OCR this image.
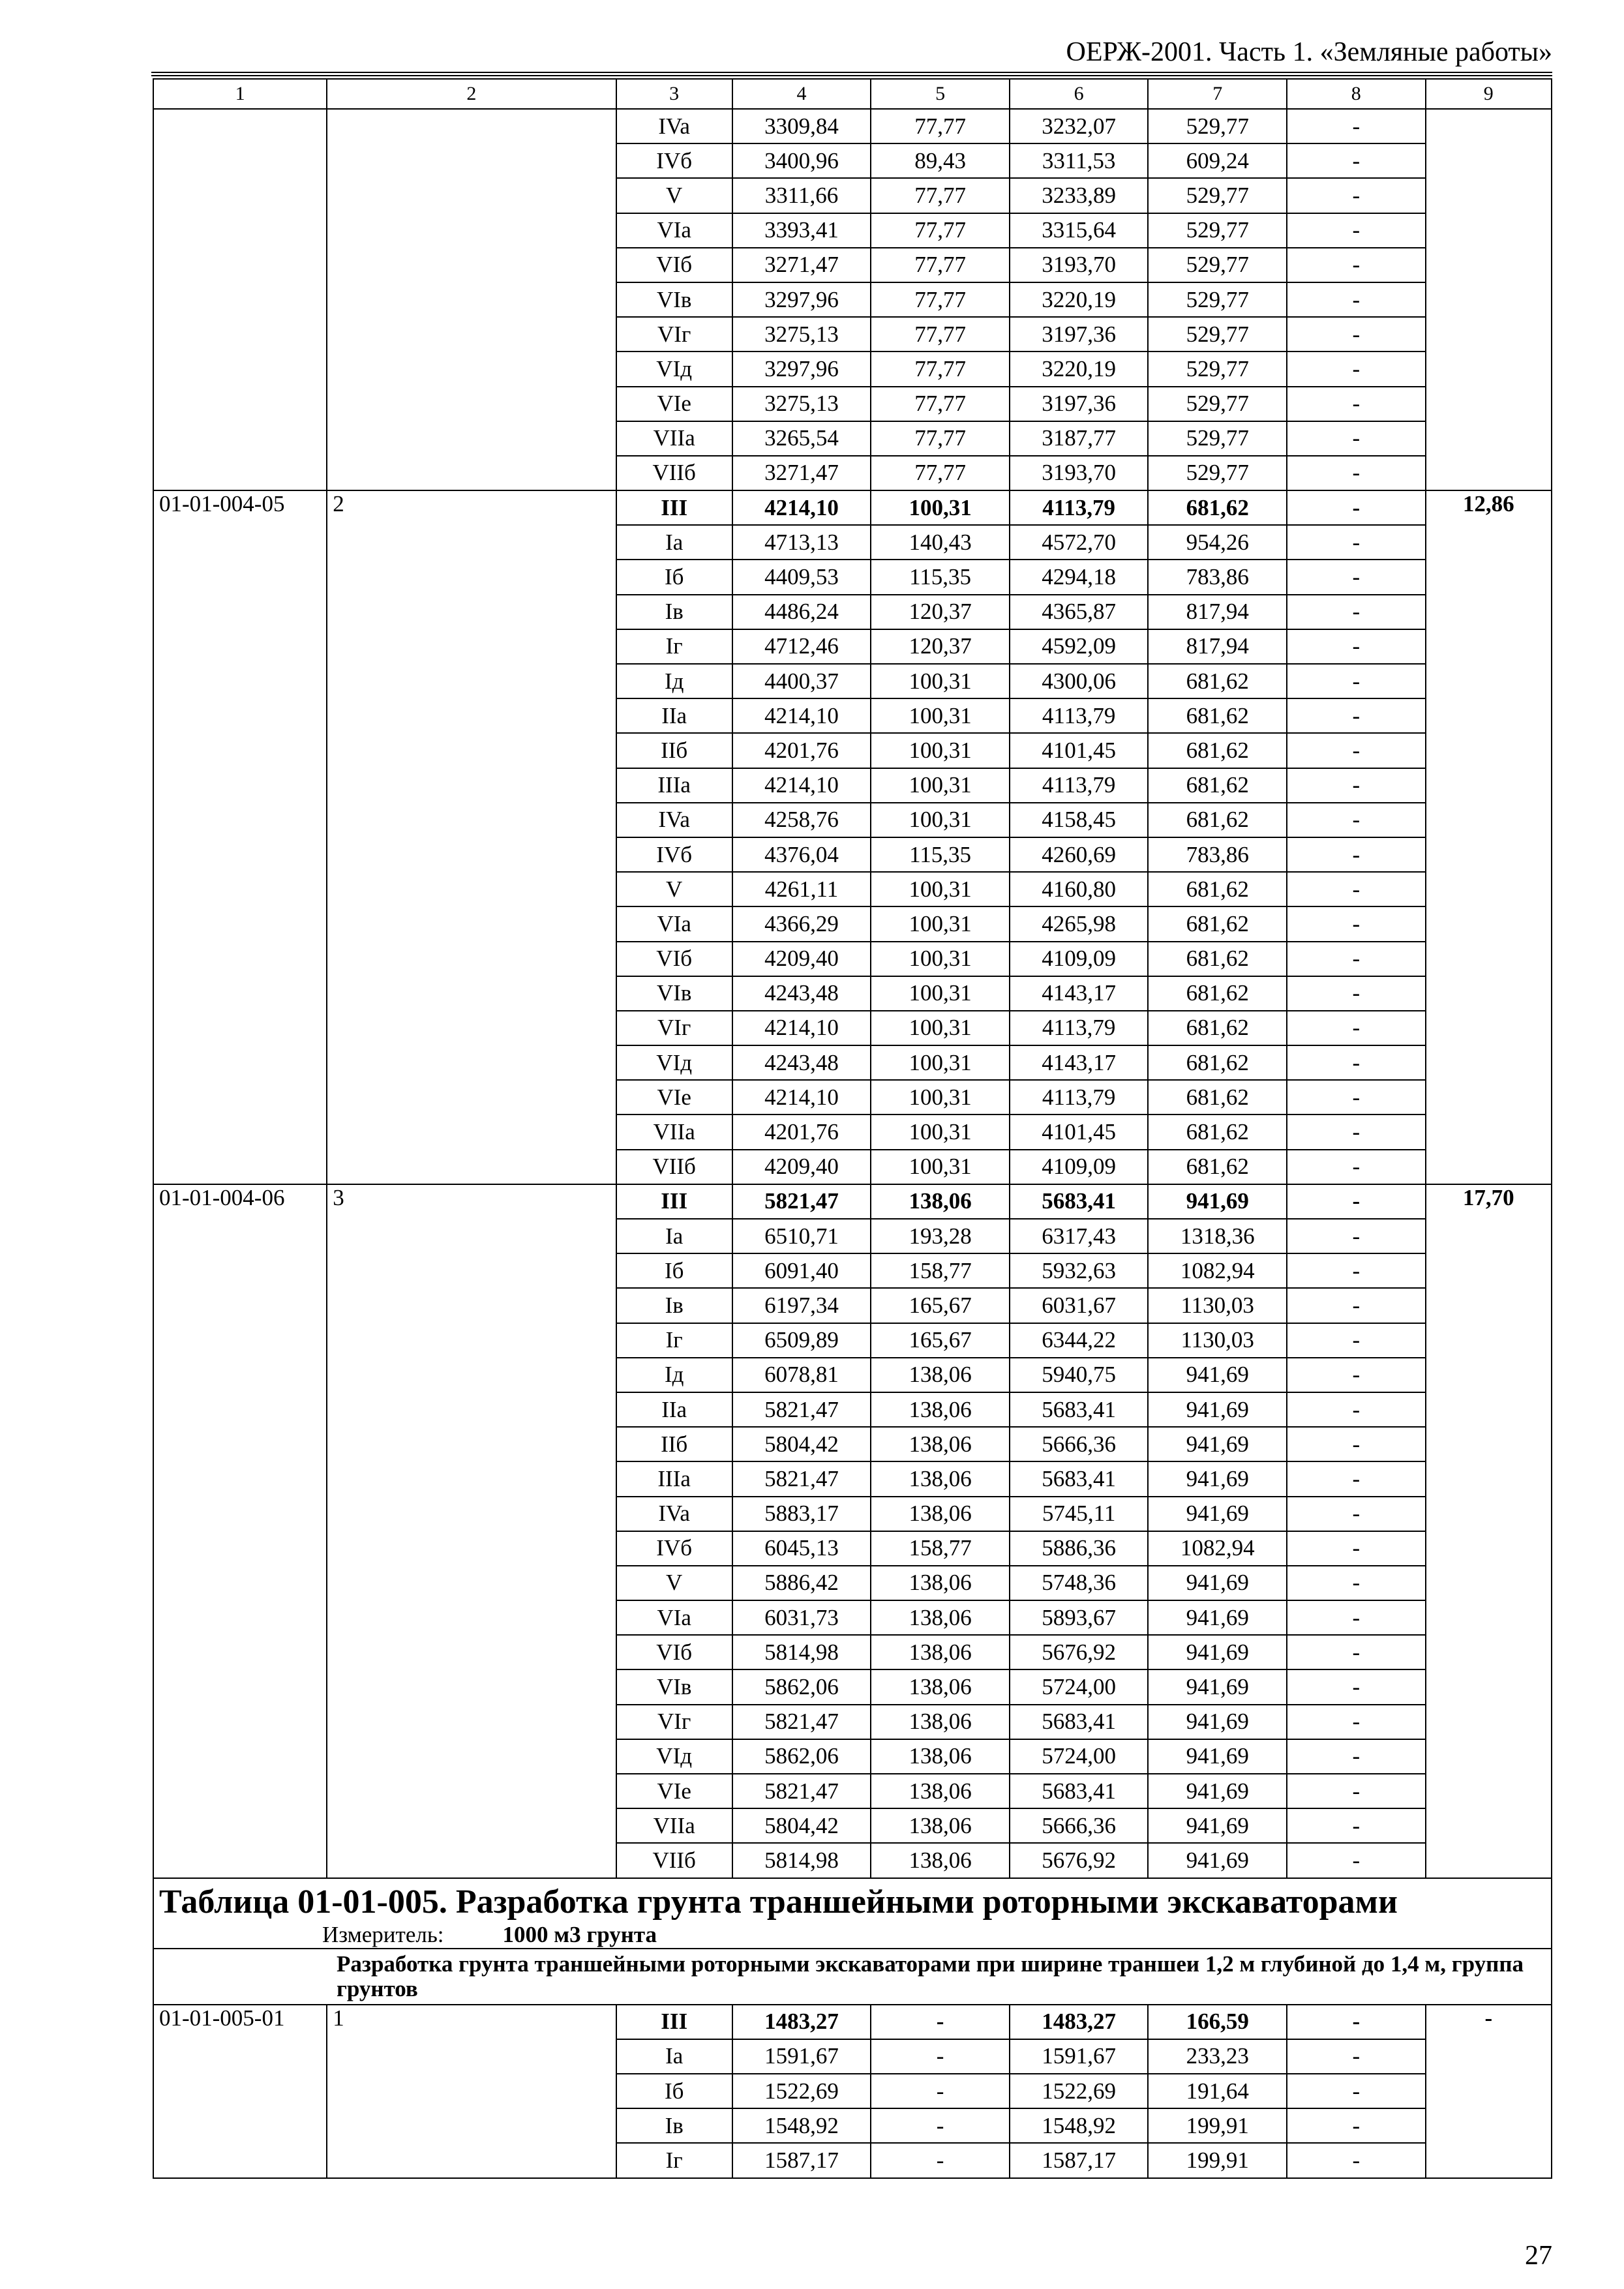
ОЕРЖ-2001. Часть 1. «Земляные работы»
1	2	3	4	5	6	7	8	9
		IVa	3309,84	77,77	3232,07	529,77	-	
		IVб	3400,96	89,43	3311,53	609,24	-	
		V	3311,66	77,77	3233,89	529,77	-	
		VIa	3393,41	77,77	3315,64	529,77	-	
		VIб	3271,47	77,77	3193,70	529,77	-	
		VIв	3297,96	77,77	3220,19	529,77	-	
		VIг	3275,13	77,77	3197,36	529,77	-	
		VIд	3297,96	77,77	3220,19	529,77	-	
		VIe	3275,13	77,77	3197,36	529,77	-	
		VIIa	3265,54	77,77	3187,77	529,77	-	
		VIIб	3271,47	77,77	3193,70	529,77	-	
01-01-004-05	2	III	4214,10	100,31	4113,79	681,62	-	12,86
		Ia	4713,13	140,43	4572,70	954,26	-	
		Iб	4409,53	115,35	4294,18	783,86	-	
		Iв	4486,24	120,37	4365,87	817,94	-	
		Iг	4712,46	120,37	4592,09	817,94	-	
		Iд	4400,37	100,31	4300,06	681,62	-	
		IIa	4214,10	100,31	4113,79	681,62	-	
		IIб	4201,76	100,31	4101,45	681,62	-	
		IIIa	4214,10	100,31	4113,79	681,62	-	
		IVa	4258,76	100,31	4158,45	681,62	-	
		IVб	4376,04	115,35	4260,69	783,86	-	
		V	4261,11	100,31	4160,80	681,62	-	
		VIa	4366,29	100,31	4265,98	681,62	-	
		VIб	4209,40	100,31	4109,09	681,62	-	
		VIв	4243,48	100,31	4143,17	681,62	-	
		VIг	4214,10	100,31	4113,79	681,62	-	
		VIд	4243,48	100,31	4143,17	681,62	-	
		VIe	4214,10	100,31	4113,79	681,62	-	
		VIIa	4201,76	100,31	4101,45	681,62	-	
		VIIб	4209,40	100,31	4109,09	681,62	-	
01-01-004-06	3	III	5821,47	138,06	5683,41	941,69	-	17,70
		Ia	6510,71	193,28	6317,43	1318,36	-	
		Iб	6091,40	158,77	5932,63	1082,94	-	
		Iв	6197,34	165,67	6031,67	1130,03	-	
		Iг	6509,89	165,67	6344,22	1130,03	-	
		Iд	6078,81	138,06	5940,75	941,69	-	
		IIa	5821,47	138,06	5683,41	941,69	-	
		IIб	5804,42	138,06	5666,36	941,69	-	
		IIIa	5821,47	138,06	5683,41	941,69	-	
		IVa	5883,17	138,06	5745,11	941,69	-	
		IVб	6045,13	158,77	5886,36	1082,94	-	
		V	5886,42	138,06	5748,36	941,69	-	
		VIa	6031,73	138,06	5893,67	941,69	-	
		VIб	5814,98	138,06	5676,92	941,69	-	
		VIв	5862,06	138,06	5724,00	941,69	-	
		VIг	5821,47	138,06	5683,41	941,69	-	
		VIд	5862,06	138,06	5724,00	941,69	-	
		VIe	5821,47	138,06	5683,41	941,69	-	
		VIIa	5804,42	138,06	5666,36	941,69	-	
		VIIб	5814,98	138,06	5676,92	941,69	-	

Таблица 01-01-005. Разработка грунта траншейными роторными экскаваторами
Измеритель: 1000 м3 грунта								

Разработка грунта траншейными роторными экскаваторами при ширине траншеи 1,2 м глубиной до 1,4 м, группа грунтов								

01-01-005-01	1	III	1483,27	-	1483,27	166,59	-	-
		Ia	1591,67	-	1591,67	233,23	-	
		Iб	1522,69	-	1522,69	191,64	-	
		Iв	1548,92	-	1548,92	199,91	-	
		Iг	1587,17	-	1587,17	199,91	-	
27
